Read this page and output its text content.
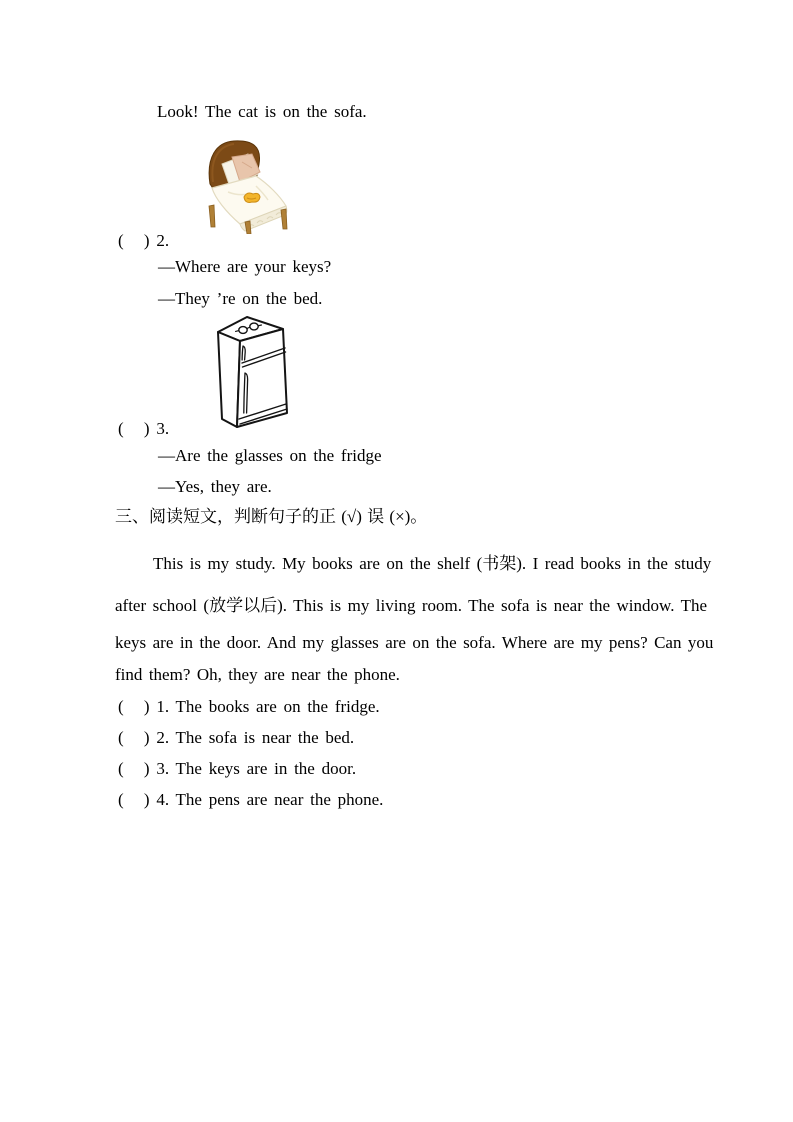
Look! The cat is on the sofa.
(   ) 2.
—Where are your keys?
—They ’re on the bed.
(   ) 3.
—Are the glasses on the fridge
—Yes, they are.
三、阅读短文，判断句子的正 (√) 误 (×)。
This is my study. My books are on the shelf (书架). I read books in the study
after school (放学以后). This is my living room. The sofa is near the window. The
keys are in the door. And my glasses are on the sofa. Where are my pens? Can you
find them? Oh, they are near the phone.
(   ) 1. The books are on the fridge.
(   ) 2. The sofa is near the bed.
(   ) 3. The keys are in the door.
(   ) 4. The pens are near the phone.
